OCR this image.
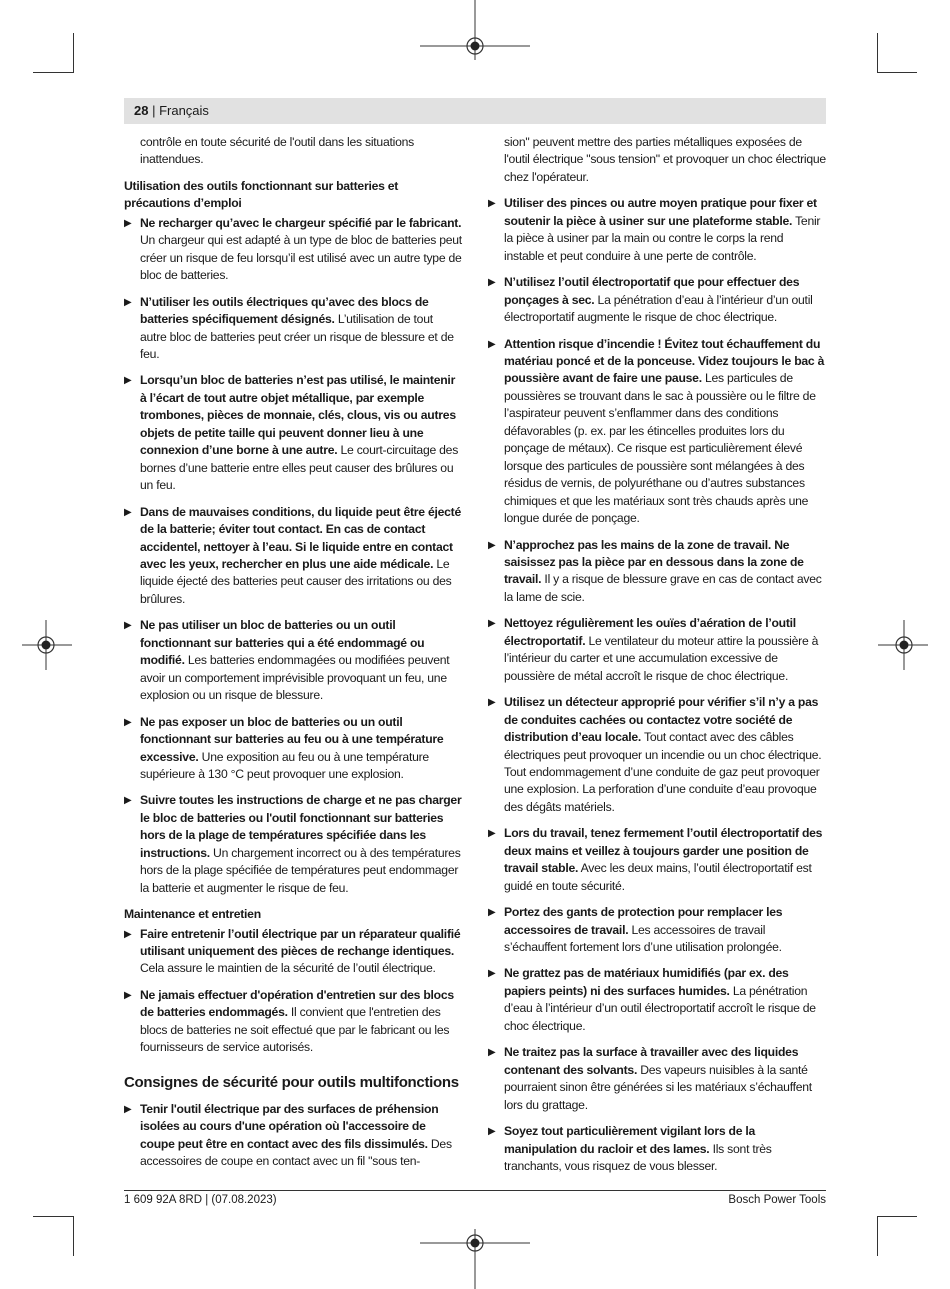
28 | Français

contrôle en toute sécurité de l'outil dans les situations inattendues.

Utilisation des outils fonctionnant sur batteries et précautions d’emploi

▶ Ne recharger qu’avec le chargeur spécifié par le fabricant. Un chargeur qui est adapté à un type de bloc de batteries peut créer un risque de feu lorsqu’il est utilisé avec un autre type de bloc de batteries.

▶ N’utiliser les outils électriques qu’avec des blocs de batteries spécifiquement désignés. L’utilisation de tout autre bloc de batteries peut créer un risque de blessure et de feu.

▶ Lorsqu’un bloc de batteries n’est pas utilisé, le maintenir à l’écart de tout autre objet métallique, par exemple trombones, pièces de monnaie, clés, clous, vis ou autres objets de petite taille qui peuvent donner lieu à une connexion d’une borne à une autre. Le court-circuitage des bornes d’une batterie entre elles peut causer des brûlures ou un feu.

▶ Dans de mauvaises conditions, du liquide peut être éjecté de la batterie; éviter tout contact. En cas de contact accidentel, nettoyer à l’eau. Si le liquide entre en contact avec les yeux, rechercher en plus une aide médicale. Le liquide éjecté des batteries peut causer des irritations ou des brûlures.

▶ Ne pas utiliser un bloc de batteries ou un outil fonctionnant sur batteries qui a été endommagé ou modifié. Les batteries endommagées ou modifiées peuvent avoir un comportement imprévisible provoquant un feu, une explosion ou un risque de blessure.

▶ Ne pas exposer un bloc de batteries ou un outil fonctionnant sur batteries au feu ou à une température excessive. Une exposition au feu ou à une température supérieure à 130 °C peut provoquer une explosion.

▶ Suivre toutes les instructions de charge et ne pas charger le bloc de batteries ou l'outil fonctionnant sur batteries hors de la plage de températures spécifiée dans les instructions. Un chargement incorrect ou à des températures hors de la plage spécifiée de températures peut endommager la batterie et augmenter le risque de feu.

Maintenance et entretien

▶ Faire entretenir l’outil électrique par un réparateur qualifié utilisant uniquement des pièces de rechange identiques. Cela assure le maintien de la sécurité de l’outil électrique.

▶ Ne jamais effectuer d'opération d'entretien sur des blocs de batteries endommagés. Il convient que l'entretien des blocs de batteries ne soit effectué que par le fabricant ou les fournisseurs de service autorisés.

Consignes de sécurité pour outils multifonctions

▶ Tenir l'outil électrique par des surfaces de préhension isolées au cours d'une opération où l'accessoire de coupe peut être en contact avec des fils dissimulés. Des accessoires de coupe en contact avec un fil "sous ten-

sion" peuvent mettre des parties métalliques exposées de l'outil électrique "sous tension" et provoquer un choc électrique chez l'opérateur.

▶ Utiliser des pinces ou autre moyen pratique pour fixer et soutenir la pièce à usiner sur une plateforme stable. Tenir la pièce à usiner par la main ou contre le corps la rend instable et peut conduire à une perte de contrôle.

▶ N’utilisez l’outil électroportatif que pour effectuer des ponçages à sec. La pénétration d’eau à l’intérieur d’un outil électroportatif augmente le risque de choc électrique.

▶ Attention risque d’incendie ! Évitez tout échauffement du matériau poncé et de la ponceuse. Videz toujours le bac à poussière avant de faire une pause. Les particules de poussières se trouvant dans le sac à poussière ou le filtre de l’aspirateur peuvent s’enflammer dans des conditions défavorables (p. ex. par les étincelles produites lors du ponçage de métaux). Ce risque est particulièrement élevé lorsque des particules de poussière sont mélangées à des résidus de vernis, de polyuréthane ou d’autres substances chimiques et que les matériaux sont très chauds après une longue durée de ponçage.

▶ N’approchez pas les mains de la zone de travail. Ne saisissez pas la pièce par en dessous dans la zone de travail. Il y a risque de blessure grave en cas de contact avec la lame de scie.

▶ Nettoyez régulièrement les ouïes d’aération de l’outil électroportatif. Le ventilateur du moteur attire la poussière à l’intérieur du carter et une accumulation excessive de poussière de métal accroît le risque de choc électrique.

▶ Utilisez un détecteur approprié pour vérifier s’il n’y a pas de conduites cachées ou contactez votre société de distribution d’eau locale. Tout contact avec des câbles électriques peut provoquer un incendie ou un choc électrique. Tout endommagement d’une conduite de gaz peut provoquer une explosion. La perforation d’une conduite d’eau provoque des dégâts matériels.

▶ Lors du travail, tenez fermement l’outil électroportatif des deux mains et veillez à toujours garder une position de travail stable. Avec les deux mains, l’outil électroportatif est guidé en toute sécurité.

▶ Portez des gants de protection pour remplacer les accessoires de travail. Les accessoires de travail s’échauffent fortement lors d’une utilisation prolongée.

▶ Ne grattez pas de matériaux humidifiés (par ex. des papiers peints) ni des surfaces humides. La pénétration d’eau à l’intérieur d’un outil électroportatif accroît le risque de choc électrique.

▶ Ne traitez pas la surface à travailler avec des liquides contenant des solvants. Des vapeurs nuisibles à la santé pourraient sinon être générées si les matériaux s’échauffent lors du grattage.

▶ Soyez tout particulièrement vigilant lors de la manipulation du racloir et des lames. Ils sont très tranchants, vous risquez de vous blesser.

1 609 92A 8RD | (07.08.2023)	Bosch Power Tools
